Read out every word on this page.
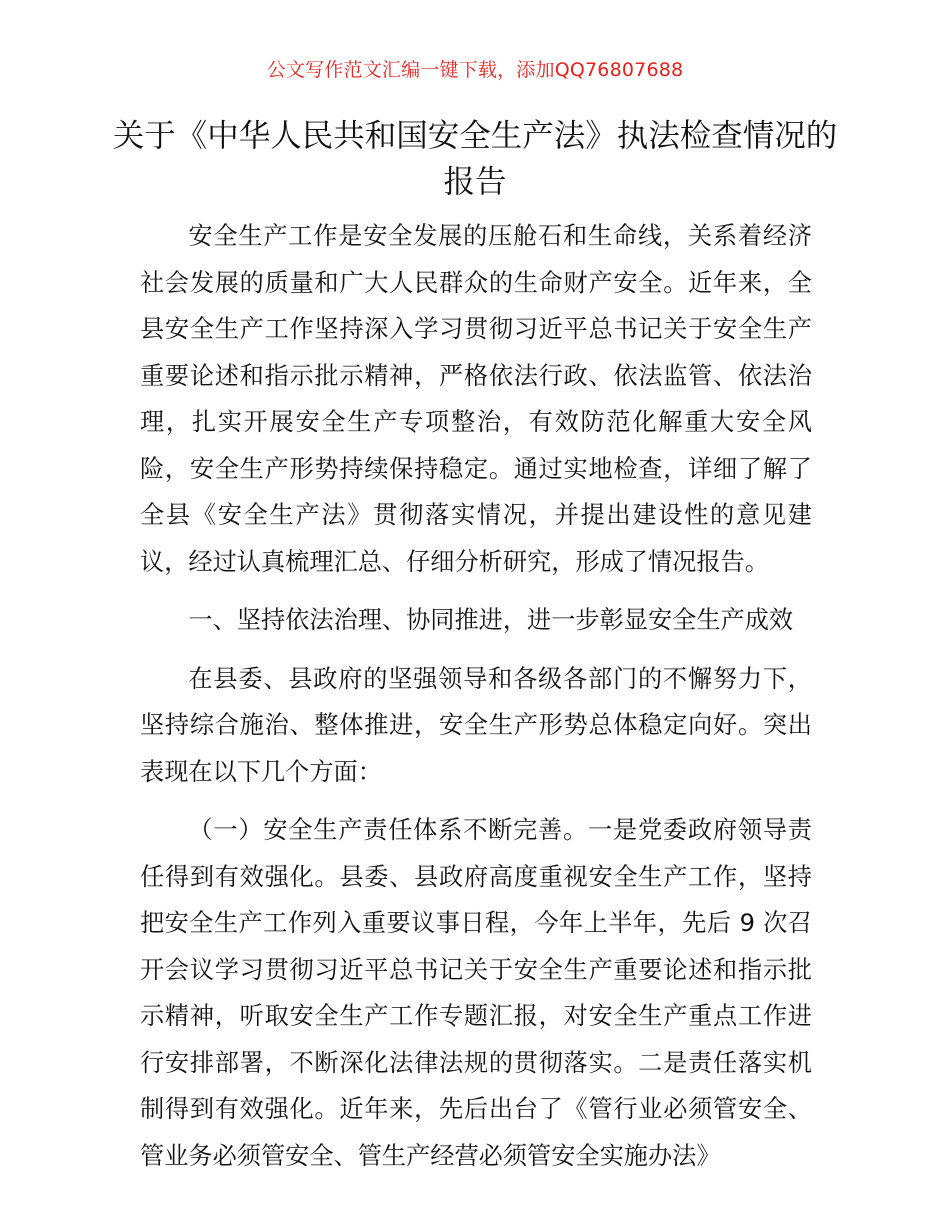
公文写作范文汇编一键下载，添加QQ76807688
关于《中华人民共和国安全生产法》执法检查情况的报告

安全生产工作是安全发展的压舱石和生命线，关系着经济社会发展的质量和广大人民群众的生命财产安全。近年来，全县安全生产工作坚持深入学习贯彻习近平总书记关于安全生产重要论述和指示批示精神，严格依法行政、依法监管、依法治理，扎实开展安全生产专项整治，有效防范化解重大安全风险，安全生产形势持续保持稳定。通过实地检查，详细了解了全县《安全生产法》贯彻落实情况，并提出建设性的意见建议，经过认真梳理汇总、仔细分析研究，形成了情况报告。

一、坚持依法治理、协同推进，进一步彰显安全生产成效

在县委、县政府的坚强领导和各级各部门的不懈努力下，坚持综合施治、整体推进，安全生产形势总体稳定向好。突出表现在以下几个方面：

（一）安全生产责任体系不断完善。一是党委政府领导责任得到有效强化。县委、县政府高度重视安全生产工作，坚持把安全生产工作列入重要议事日程，今年上半年，先后 9 次召开会议学习贯彻习近平总书记关于安全生产重要论述和指示批示精神，听取安全生产工作专题汇报，对安全生产重点工作进行安排部署，不断深化法律法规的贯彻落实。二是责任落实机制得到有效强化。近年来，先后出台了《管行业必须管安全、管业务必须管安全、管生产经营必须管安全实施办法》
